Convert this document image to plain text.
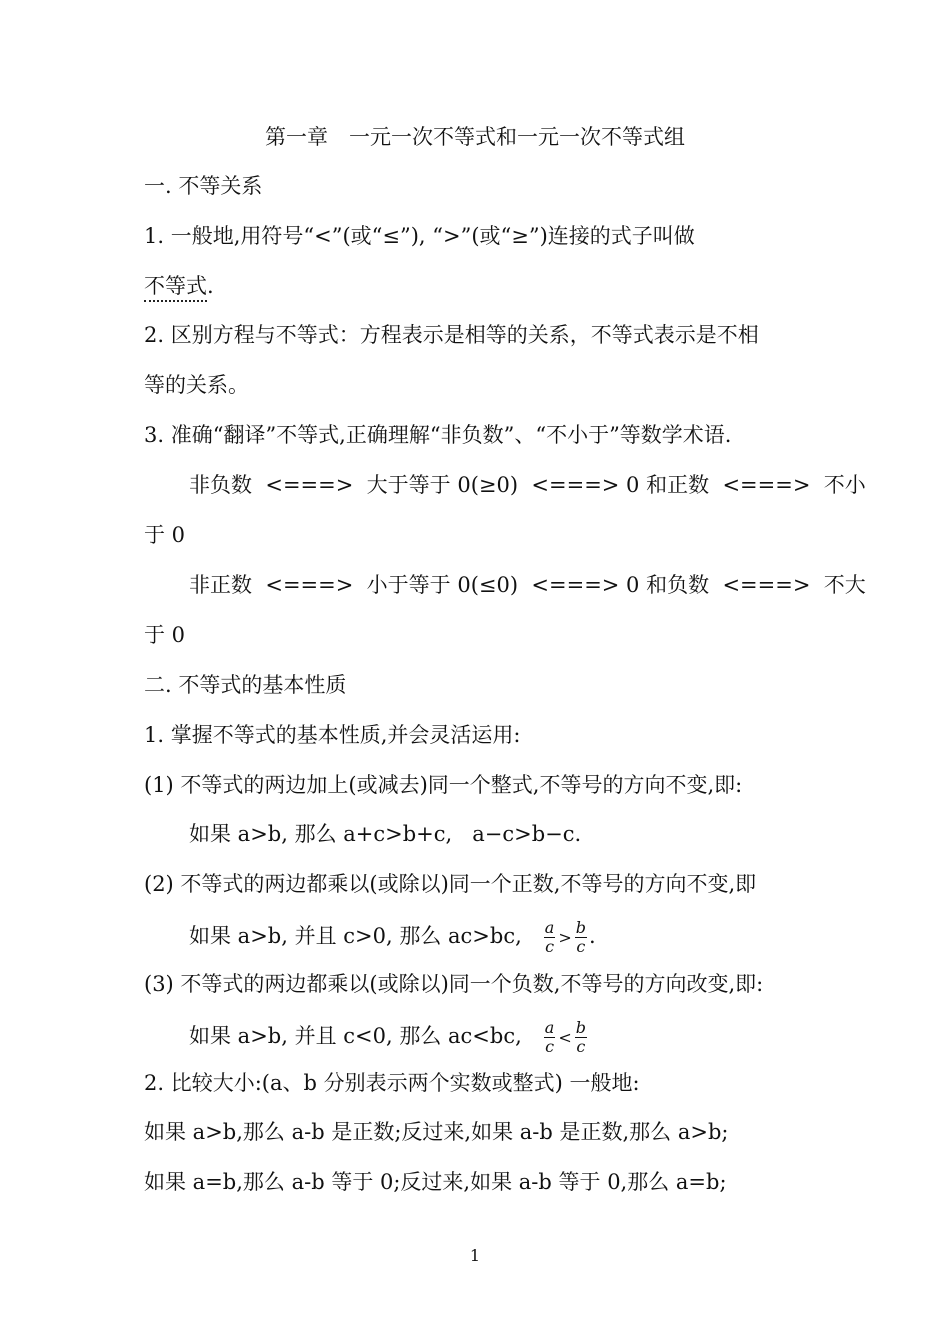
第一章　一元一次不等式和一元一次不等式组
一. 不等关系
1. 一般地,用符号“<”(或“≤”), “>”(或“≥”)连接的式子叫做
不等式.
2. 区别方程与不等式：方程表示是相等的关系，不等式表示是不相
等的关系。
3. 准确“翻译”不等式,正确理解“非负数”、“不小于”等数学术语.
非负数  <===>  大于等于 0(≥0)  <===> 0 和正数  <===>  不小
于 0
非正数  <===>  小于等于 0(≤0)  <===> 0 和负数  <===>  不大
于 0
二. 不等式的基本性质
1. 掌握不等式的基本性质,并会灵活运用:
(1) 不等式的两边加上(或减去)同一个整式,不等号的方向不变,即:
如果 a>b, 那么 a+c>b+c,   a−c>b−c.
(2) 不等式的两边都乘以(或除以)同一个正数,不等号的方向不变,即
如果 a>b, 并且 c>0, 那么 ac>bc, $\frac{a}{c} > \frac{b}{c}$ .
(3) 不等式的两边都乘以(或除以)同一个负数,不等号的方向改变,即:
如果 a>b, 并且 c<0, 那么 ac<bc, $\frac{a}{c} < \frac{b}{c}$
2. 比较大小:(a、b 分别表示两个实数或整式) 一般地:
如果 a>b,那么 a-b 是正数;反过来,如果 a-b 是正数,那么 a>b;
如果 a=b,那么 a-b 等于 0;反过来,如果 a-b 等于 0,那么 a=b;
1
